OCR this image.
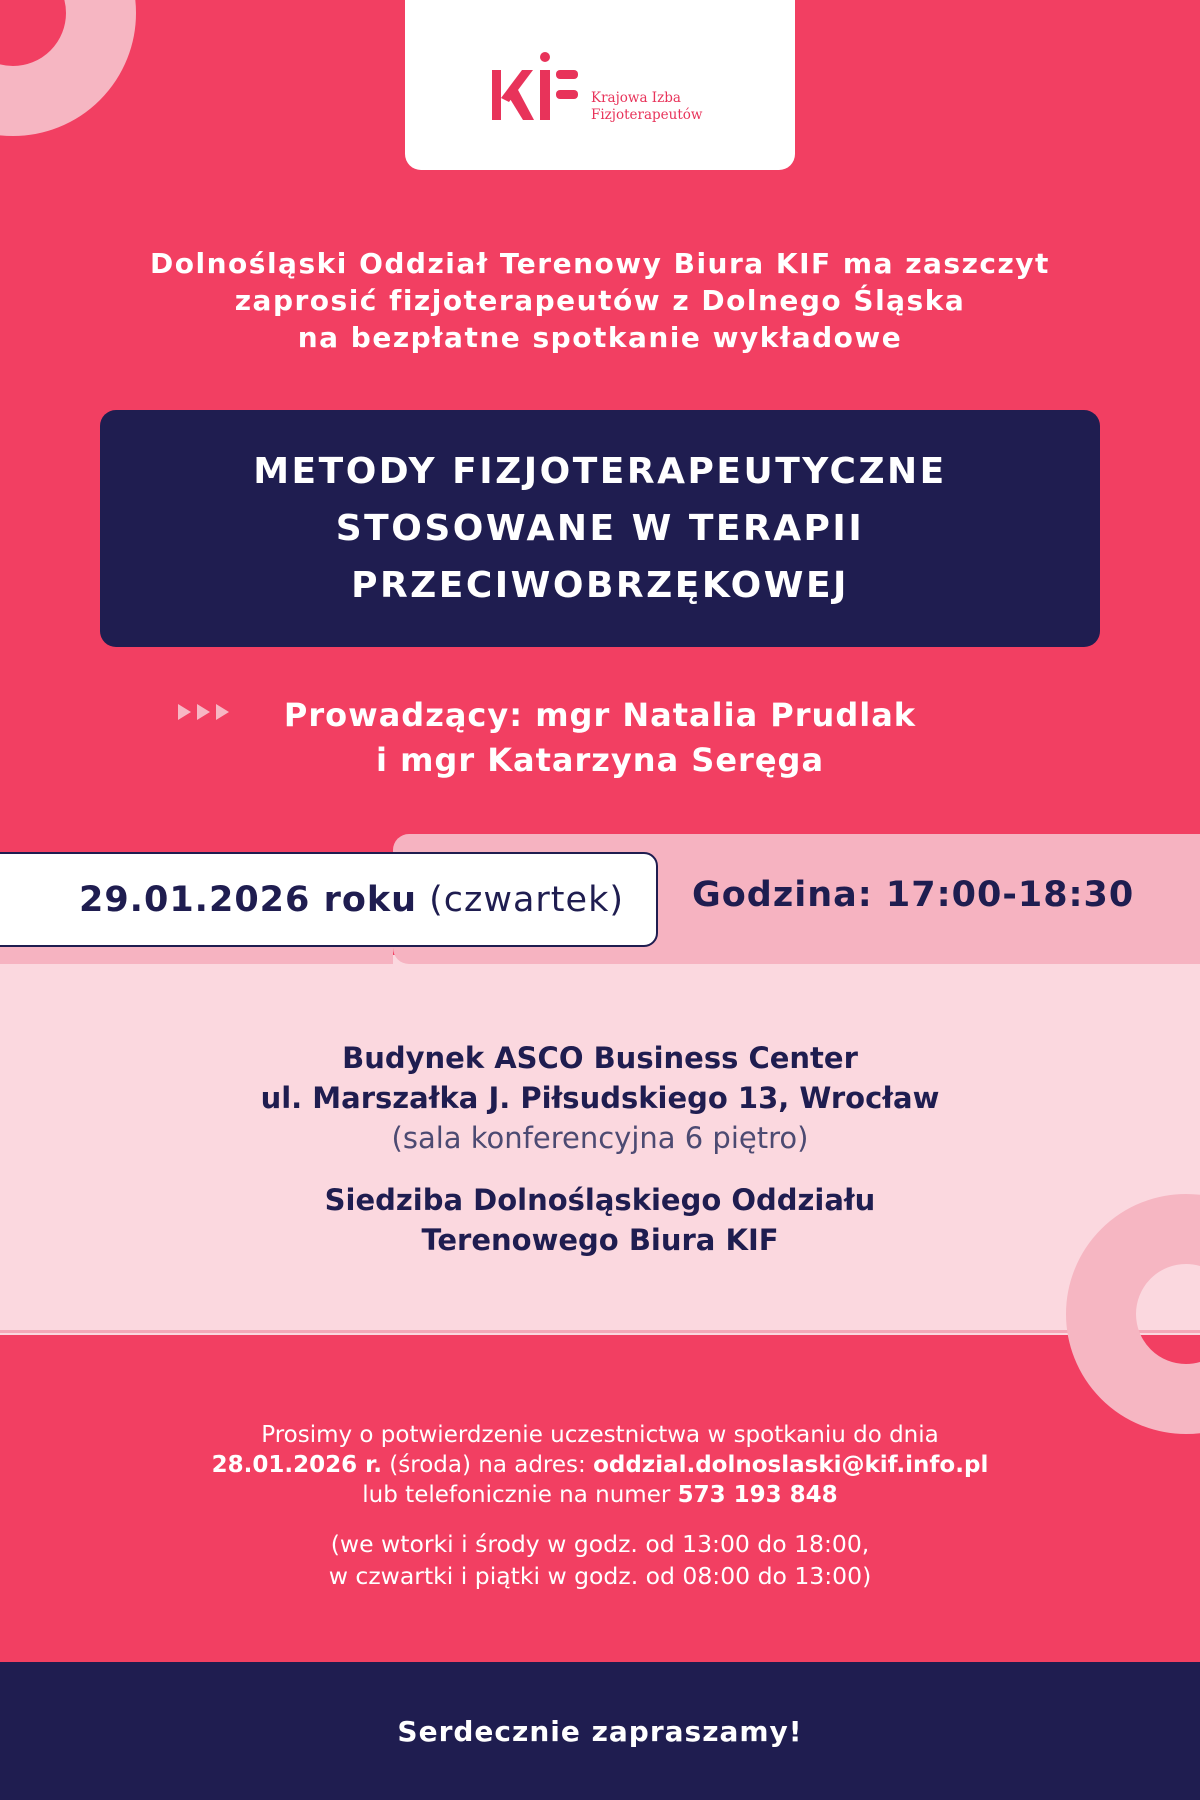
Krajowa Izba
Fizjoterapeutów
Dolnośląski Oddział Terenowy Biura KIF ma zaszczyt
zaprosić fizjoterapeutów z Dolnego Śląska
na bezpłatne spotkanie wykładowe
METODY FIZJOTERAPEUTYCZNE
STOSOWANE W TERAPII
PRZECIWOBRZĘKOWEJ
Prowadzący: mgr Natalia Prudlak
i mgr Katarzyna Seręga
29.01.2026 roku (czwartek) Godzina: 17:00-18:30
Budynek ASCO Business Center
ul. Marszałka J. Piłsudskiego 13, Wrocław
(sala konferencyjna 6 piętro)
Siedziba Dolnośląskiego Oddziału
Terenowego Biura KIF
Prosimy o potwierdzenie uczestnictwa w spotkaniu do dnia
28.01.2026 r. (środa) na adres: oddzial.dolnoslaski@kif.info.pl
lub telefonicznie na numer 573 193 848
(we wtorki i środy w godz. od 13:00 do 18:00,
w czwartki i piątki w godz. od 08:00 do 13:00)
Serdecznie zapraszamy!
